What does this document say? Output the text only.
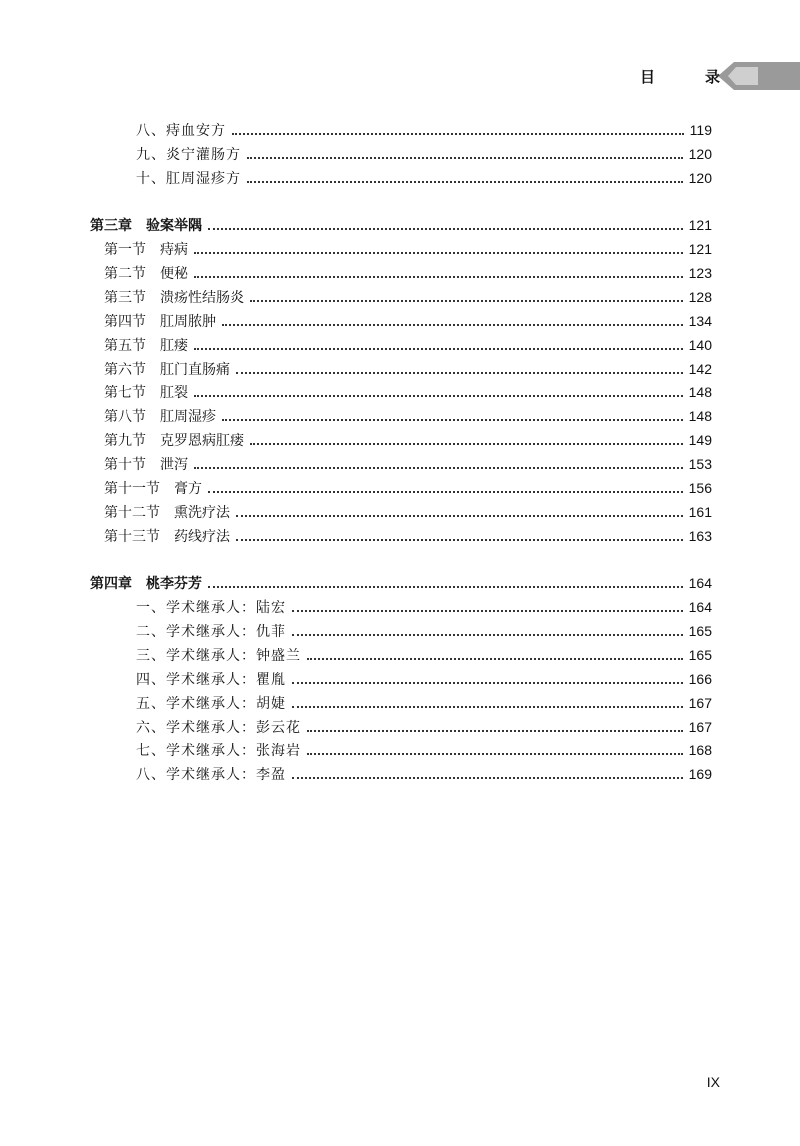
目	录
八、痔血安方	119
九、炎宁灌肠方	120
十、肛周湿疹方	120
第三章　验案举隅	121
第一节　痔病	121
第二节　便秘	123
第三节　溃疡性结肠炎	128
第四节　肛周脓肿	134
第五节　肛瘘	140
第六节　肛门直肠痛	142
第七节　肛裂	148
第八节　肛周湿疹	148
第九节　克罗恩病肛瘘	149
第十节　泄泻	153
第十一节　膏方	156
第十二节　熏洗疗法	161
第十三节　药线疗法	163
第四章　桃李芬芳	164
一、学术继承人：陆宏	164
二、学术继承人：仇菲	165
三、学术继承人：钟盛兰	165
四、学术继承人：瞿胤	166
五、学术继承人：胡婕	167
六、学术继承人：彭云花	167
七、学术继承人：张海岩	168
八、学术继承人：李盈	169
IX
